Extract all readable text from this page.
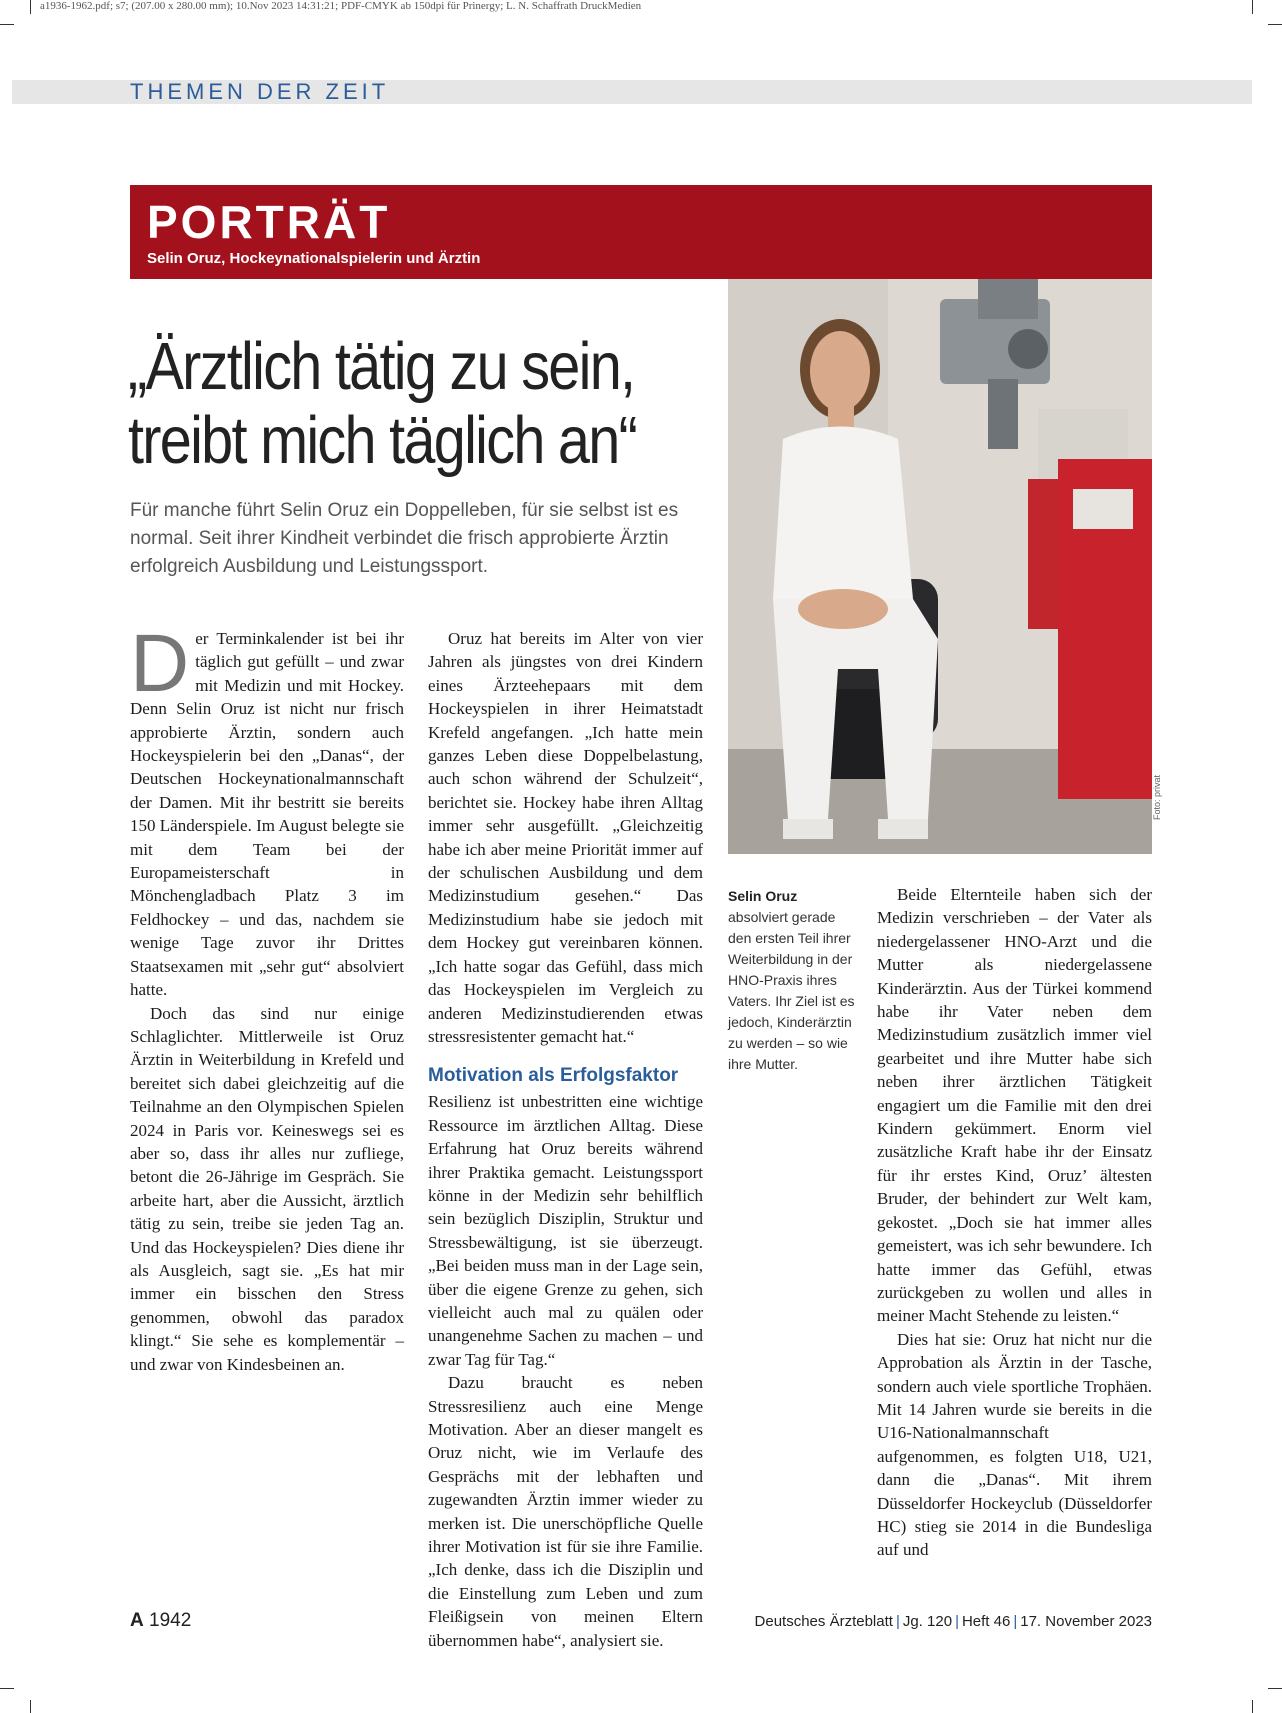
a1936-1962.pdf; s7; (207.00 x 280.00 mm); 10.Nov 2023 14:31:21; PDF-CMYK ab 150dpi für Prinergy; L. N. Schaffrath DruckMedien
THEMEN DER ZEIT
PORTRÄT
Selin Oruz, Hockeynationalspielerin und Ärztin
„Ärztlich tätig zu sein, treibt mich täglich an“
Für manche führt Selin Oruz ein Doppelleben, für sie selbst ist es normal. Seit ihrer Kindheit verbindet die frisch approbierte Ärztin erfolgreich Ausbildung und Leistungssport.
Foto: privat
Selin Oruz absolviert gerade den ersten Teil ihrer Weiterbildung in der HNO-Praxis ihres Vaters. Ihr Ziel ist es jedoch, Kinderärztin zu werden – so wie ihre Mutter.

Der Terminkalender ist bei ihr täglich gut gefüllt – und zwar mit Medizin und mit Hockey. Denn Selin Oruz ist nicht nur frisch approbierte Ärztin, sondern auch Hockeyspielerin bei den „Danas“, der Deutschen Hockeynationalmannschaft der Damen. Mit ihr bestritt sie bereits 150 Länderspiele. Im August belegte sie mit dem Team bei der Europameisterschaft in Mönchengladbach Platz 3 im Feldhockey – und das, nachdem sie wenige Tage zuvor ihr Drittes Staatsexamen mit „sehr gut“ absolviert hatte.

Doch das sind nur einige Schlaglichter. Mittlerweile ist Oruz Ärztin in Weiterbildung in Krefeld und bereitet sich dabei gleichzeitig auf die Teilnahme an den Olympischen Spielen 2024 in Paris vor. Keineswegs sei es aber so, dass ihr alles nur zufliege, betont die 26-Jährige im Gespräch. Sie arbeite hart, aber die Aussicht, ärztlich tätig zu sein, treibe sie jeden Tag an. Und das Hockeyspielen? Dies diene ihr als Ausgleich, sagt sie. „Es hat mir immer ein bisschen den Stress genommen, obwohl das paradox klingt.“ Sie sehe es komplementär – und zwar von Kindesbeinen an.

Oruz hat bereits im Alter von vier Jahren als jüngstes von drei Kindern eines Ärzteehepaars mit dem Hockeyspielen in ihrer Heimatstadt Krefeld angefangen. „Ich hatte mein ganzes Leben diese Doppelbelastung, auch schon während der Schulzeit“, berichtet sie. Hockey habe ihren Alltag immer sehr ausgefüllt. „Gleichzeitig habe ich aber meine Priorität immer auf der schulischen Ausbildung und dem Medizinstudium gesehen.“ Das Medizinstudium habe sie jedoch mit dem Hockey gut vereinbaren können. „Ich hatte sogar das Gefühl, dass mich das Hockeyspielen im Vergleich zu anderen Medizinstudierenden etwas stressresistenter gemacht hat.“

Motivation als Erfolgsfaktor

Resilienz ist unbestritten eine wichtige Ressource im ärztlichen Alltag. Diese Erfahrung hat Oruz bereits während ihrer Praktika gemacht. Leistungssport könne in der Medizin sehr behilflich sein bezüglich Disziplin, Struktur und Stressbewältigung, ist sie überzeugt. „Bei beiden muss man in der Lage sein, über die eigene Grenze zu gehen, sich vielleicht auch mal zu quälen oder unangenehme Sachen zu machen – und zwar Tag für Tag.“

Dazu braucht es neben Stressresilienz auch eine Menge Motivation. Aber an dieser mangelt es Oruz nicht, wie im Verlaufe des Gesprächs mit der lebhaften und zugewandten Ärztin immer wieder zu merken ist. Die unerschöpfliche Quelle ihrer Motivation ist für sie ihre Familie. „Ich denke, dass ich die Disziplin und die Einstellung zum Leben und zum Fleißigsein von meinen Eltern übernommen habe“, analysiert sie.

Beide Elternteile haben sich der Medizin verschrieben – der Vater als niedergelassener HNO-Arzt und die Mutter als niedergelassene Kinderärztin. Aus der Türkei kommend habe ihr Vater neben dem Medizinstudium zusätzlich immer viel gearbeitet und ihre Mutter habe sich neben ihrer ärztlichen Tätigkeit engagiert um die Familie mit den drei Kindern gekümmert. Enorm viel zusätzliche Kraft habe ihr der Einsatz für ihr erstes Kind, Oruz’ ältesten Bruder, der behindert zur Welt kam, gekostet. „Doch sie hat immer alles gemeistert, was ich sehr bewundere. Ich hatte immer das Gefühl, etwas zurückgeben zu wollen und alles in meiner Macht Stehende zu leisten.“

Dies hat sie: Oruz hat nicht nur die Approbation als Ärztin in der Tasche, sondern auch viele sportliche Trophäen. Mit 14 Jahren wurde sie bereits in die U16-Nationalmannschaft aufgenommen, es folgten U18, U21, dann die „Danas“. Mit ihrem Düsseldorfer Hockeyclub (Düsseldorfer HC) stieg sie 2014 in die Bundesliga auf und

A 1942	Deutsches Ärzteblatt | Jg. 120 | Heft 46 | 17. November 2023
